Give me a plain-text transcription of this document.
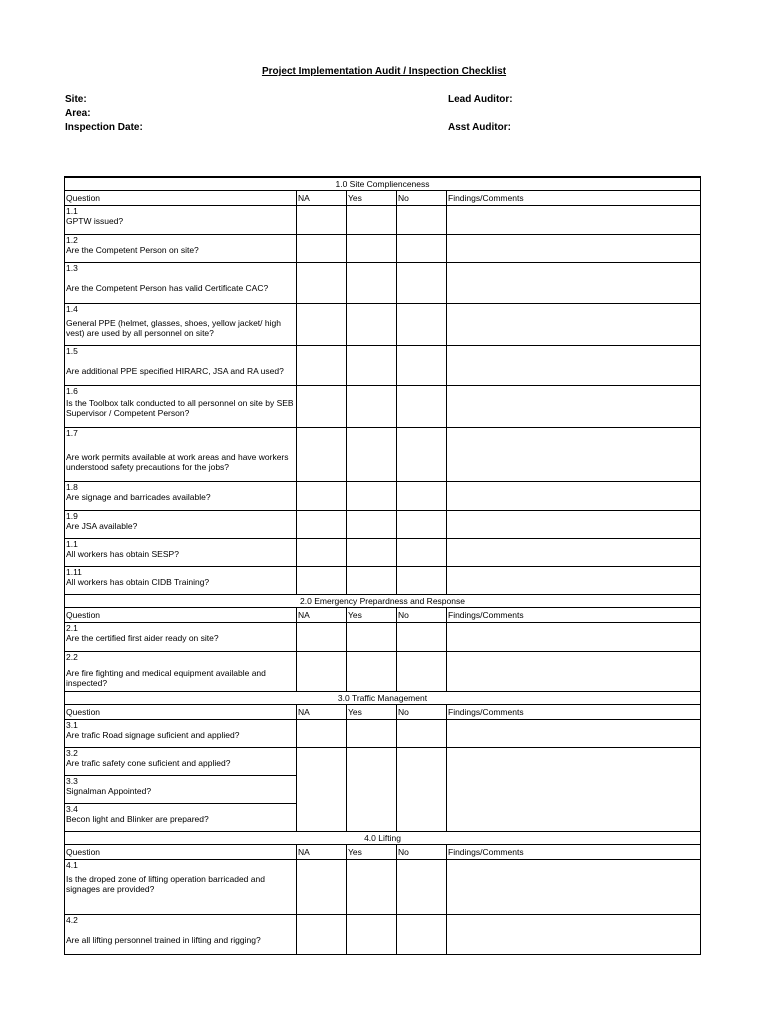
Project Implementation Audit / Inspection Checklist
Site:
Area:
Inspection Date:
Lead Auditor:
Asst Auditor:
1.0 Site Complienceness				
Question	NA	Yes	No	Findings/Comments

1.1
GPTW issued?				

1.2
Are the Competent Person on site?				

1.3
Are the Competent Person has valid Certificate CAC?				

1.4
General PPE (helmet, glasses, shoes, yellow jacket/ high vest) are used by all personnel on site?				

1.5
Are additional PPE specified HIRARC, JSA and RA used?				

1.6
Is the Toolbox talk conducted to all personnel on site by SEB Supervisor / Competent Person?				

1.7
Are work permits available at work areas and have workers understood safety precautions for the jobs?				

1.8
Are signage and barricades available?				

1.9
Are JSA available?				

1.1
All workers has obtain SESP?				

1.11
All workers has obtain CIDB Training?				

2.0 Emergency Prepardness and Response				
Question	NA	Yes	No	Findings/Comments

2.1
Are the certified first aider ready on site?				

2.2
Are fire fighting and medical equipment available and inspected?				

3.0 Traffic Management				
Question	NA	Yes	No	Findings/Comments

3.1
Are trafic Road signage suficient and applied?				

3.2
Are trafic safety cone suficient and applied?				

3.3
Signalman Appointed?				

3.4
Becon light and Blinker are prepared?				

4.0 Lifting				
Question	NA	Yes	No	Findings/Comments

4.1
Is the droped zone of lifting operation barricaded and signages are provided?				

4.2
Are all lifting personnel trained in lifting and rigging?				
